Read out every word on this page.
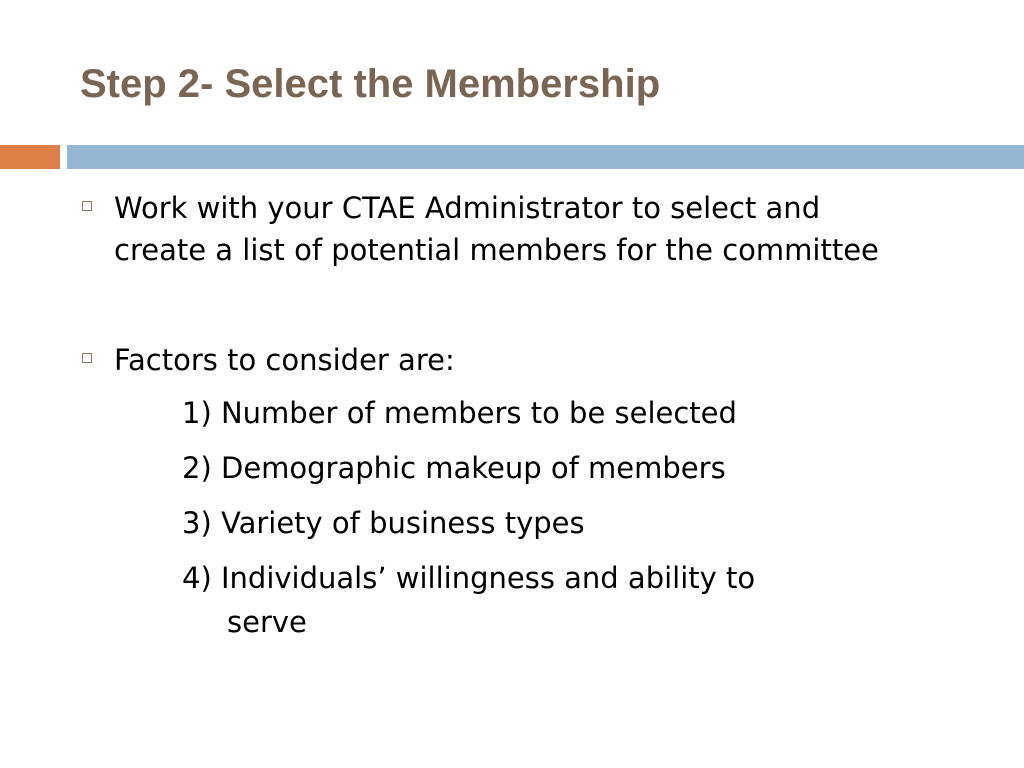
Step 2- Select the Membership
Work with your CTAE Administrator to select and
create a list of potential members for the committee
Factors to consider are:
1) Number of members to be selected
2) Demographic makeup of members
3) Variety of business types
4) Individuals’ willingness and ability to
serve
